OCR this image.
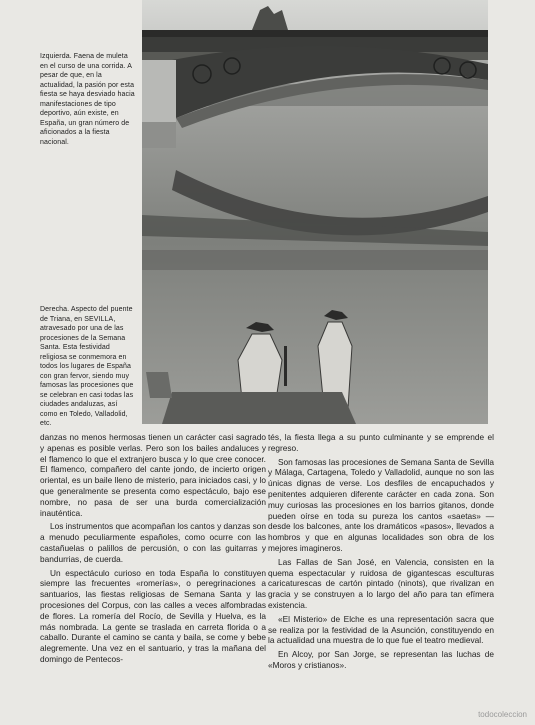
Izquierda. Faena de muleta en el curso de una corrida. A pesar de que, en la actualidad, la pasión por esta fiesta se haya desviado hacia manifestaciones de tipo deportivo, aún existe, en España, un gran número de aficionados a la fiesta nacional.
Derecha. Aspecto del puente de Triana, en SEVILLA, atravesado por una de las procesiones de la Semana Santa. Esta festividad religiosa se conmemora en todos los lugares de España con gran fervor, siendo muy famosas las procesiones que se celebran en casi todas las ciudades andaluzas, así como en Toledo, Valladolid, etc.

danzas no menos hermosas tienen un carácter casi sagrado y apenas es posible verlas. Pero son los bailes andaluces y el flamenco lo que el extranjero busca y lo que cree conocer. El flamenco, compañero del cante jondo, de incierto origen oriental, es un baile lleno de misterio, para iniciados casi, y lo que generalmente se presenta como espectáculo, bajo ese nombre, no pasa de ser una burda comercialización inauténtica.

Los instrumentos que acompañan los cantos y danzas son a menudo peculiarmente españoles, como ocurre con las castañuelas o palillos de percusión, o con las guitarras y bandurrias, de cuerda.

Un espectáculo curioso en toda España lo constituyen siempre las frecuentes «romerías», o peregrinaciones a santuarios, las fiestas religiosas de Semana Santa y las procesiones del Corpus, con las calles a veces alfombradas de flores. La romería del Rocío, de Sevilla y Huelva, es la más nombrada. La gente se traslada en carreta florida o a caballo. Durante el camino se canta y baila, se come y bebe alegremente. Una vez en el santuario, y tras la mañana del domingo de Pentecos-

tés, la fiesta llega a su punto culminante y se emprende el regreso.

Son famosas las procesiones de Semana Santa de Sevilla y Málaga, Cartagena, Toledo y Valladolid, aunque no son las únicas dignas de verse. Los desfiles de encapuchados y penitentes adquieren diferente carácter en cada zona. Son muy curiosas las procesiones en los barrios gitanos, donde pueden oírse en toda su pureza los cantos «saetas» — desde los balcones, ante los dramáticos «pasos», llevados a hombros y que en algunas localidades son obra de los mejores imagineros.

Las Fallas de San José, en Valencia, consisten en la quema espectacular y ruidosa de gigantescas esculturas caricaturescas de cartón pintado (ninots), que rivalizan en gracia y se construyen a lo largo del año para tan efímera existencia.

«El Misterio» de Elche es una representación sacra que se realiza por la festividad de la Asunción, constituyendo en la actualidad una muestra de lo que fue el teatro medieval.

En Alcoy, por San Jorge, se representan las luchas de «Moros y cristianos».

todocoleccion
